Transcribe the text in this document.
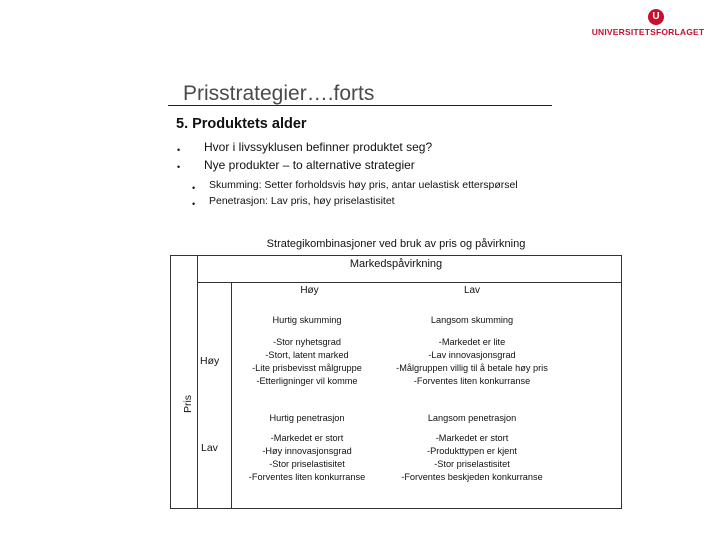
U
UNIVERSITETSFORLAGET
Prisstrategier….forts
5. Produktets alder
• Hvor i livssyklusen befinner produktet seg?
• Nye produkter – to alternative strategier
• Skumming: Setter forholdsvis høy pris, antar uelastisk etterspørsel
• Penetrasjon: Lav pris, høy priselastisitet
Strategikombinasjoner ved bruk av pris og påvirkning
Markedspåvirkning
Høy	Lav
Pris
Høy
Lav
Hurtig skumming
-Stor nyhetsgrad
-Stort, latent marked
-Lite prisbevisst målgruppe
-Etterligninger vil komme
Langsom skumming
-Markedet er lite
-Lav innovasjonsgrad
-Målgruppen villig til å betale høy pris
-Forventes liten konkurranse
Hurtig penetrasjon
-Markedet er stort
-Høy innovasjonsgrad
-Stor priselastisitet
-Forventes liten konkurranse
Langsom penetrasjon
-Markedet er stort
-Produkttypen er kjent
-Stor priselastisitet
-Forventes beskjeden konkurranse
